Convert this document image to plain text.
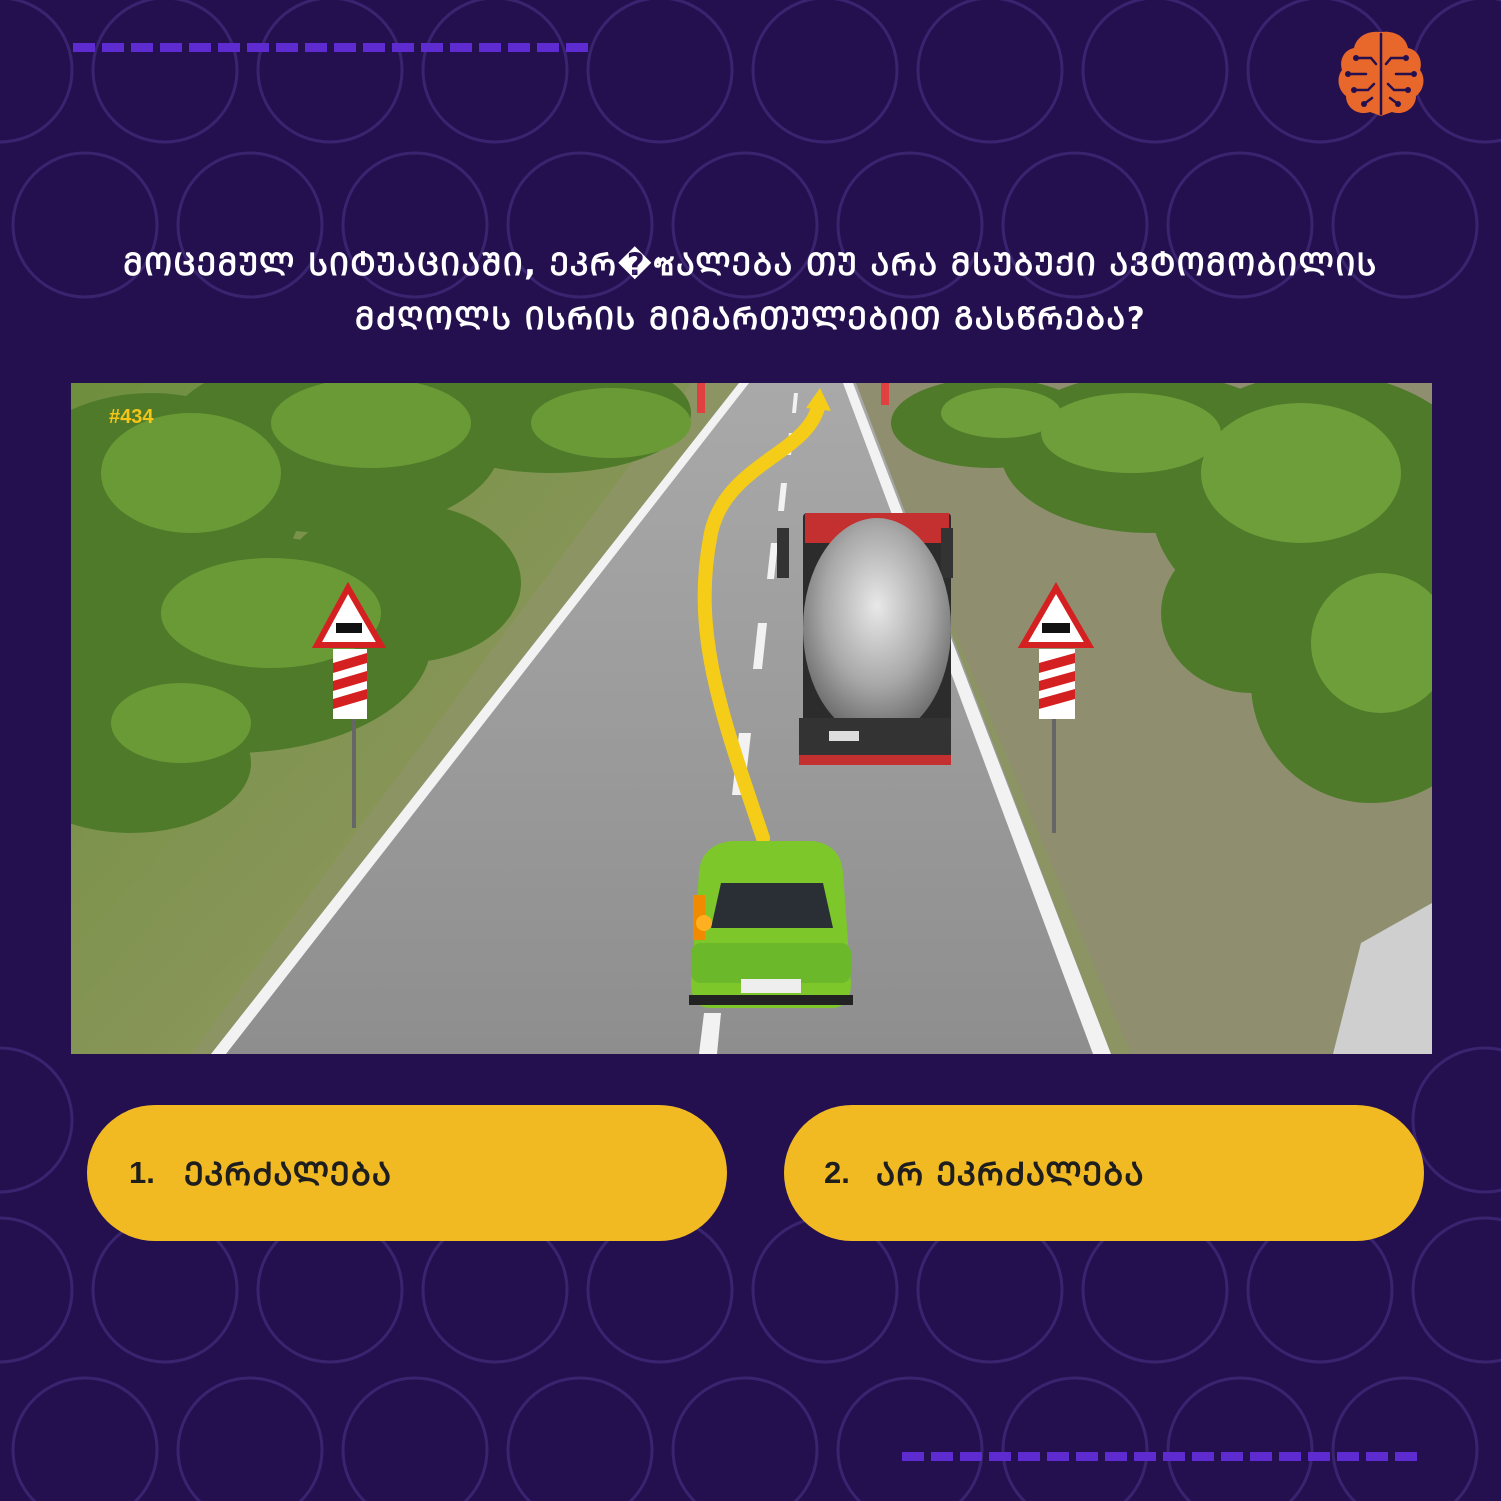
ᲛᲝᲪᲔᲛᲣᲚ ᲡᲘᲢᲣᲐᲪᲘᲐᲨᲘ, ᲔᲙᲠ�ซᲐᲚᲔᲑᲐ ᲗᲣ ᲐᲠᲐ ᲛᲡᲣᲑᲣᲥᲘ ᲐᲕᲢᲝᲛᲝᲑᲘᲚᲘᲡ
ᲛᲫᲦᲝᲚᲡ ᲘᲡᲠᲘᲡ ᲛᲘᲛᲐᲠᲗᲣᲚᲔᲑᲘᲗ ᲒᲐᲡᲬᲠᲔᲑᲐ?
#434
1. ᲔᲙᲠᲫᲐᲚᲔᲑᲐ	2. ᲐᲠ ᲔᲙᲠᲫᲐᲚᲔᲑᲐ
